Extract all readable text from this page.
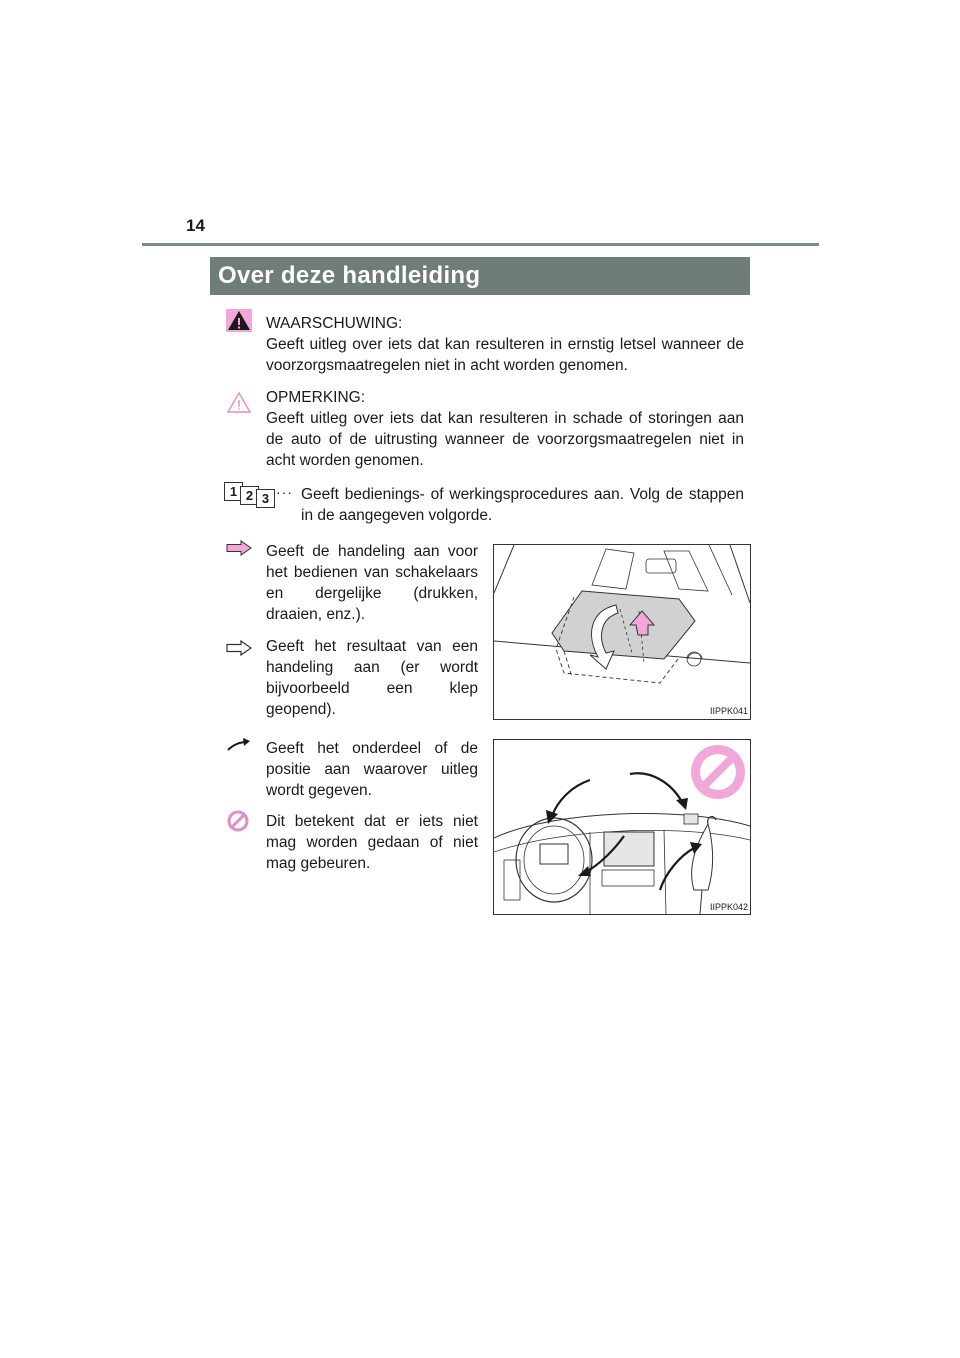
14
Over deze handleiding
WAARSCHUWING:
Geeft uitleg over iets dat kan resulteren in ernstig letsel wanneer de voorzorgsmaatregelen niet in acht worden genomen.
OPMERKING:
Geeft uitleg over iets dat kan resulteren in schade of storingen aan de auto of de uitrusting wanneer de voorzorgsmaatregelen niet in acht worden genomen.
1 2 3 ··· Geeft bedienings- of werkingsprocedures aan. Volg de stappen in de aangegeven volgorde.
Geeft de handeling aan voor het bedienen van schakelaars en dergelijke (drukken, draaien, enz.).
Geeft het resultaat van een handeling aan (er wordt bijvoorbeeld een klep geopend).	IIPPK041
Geeft het onderdeel of de positie aan waarover uitleg wordt gegeven.
Dit betekent dat er iets niet mag worden gedaan of niet mag gebeuren.
IIPPK042
